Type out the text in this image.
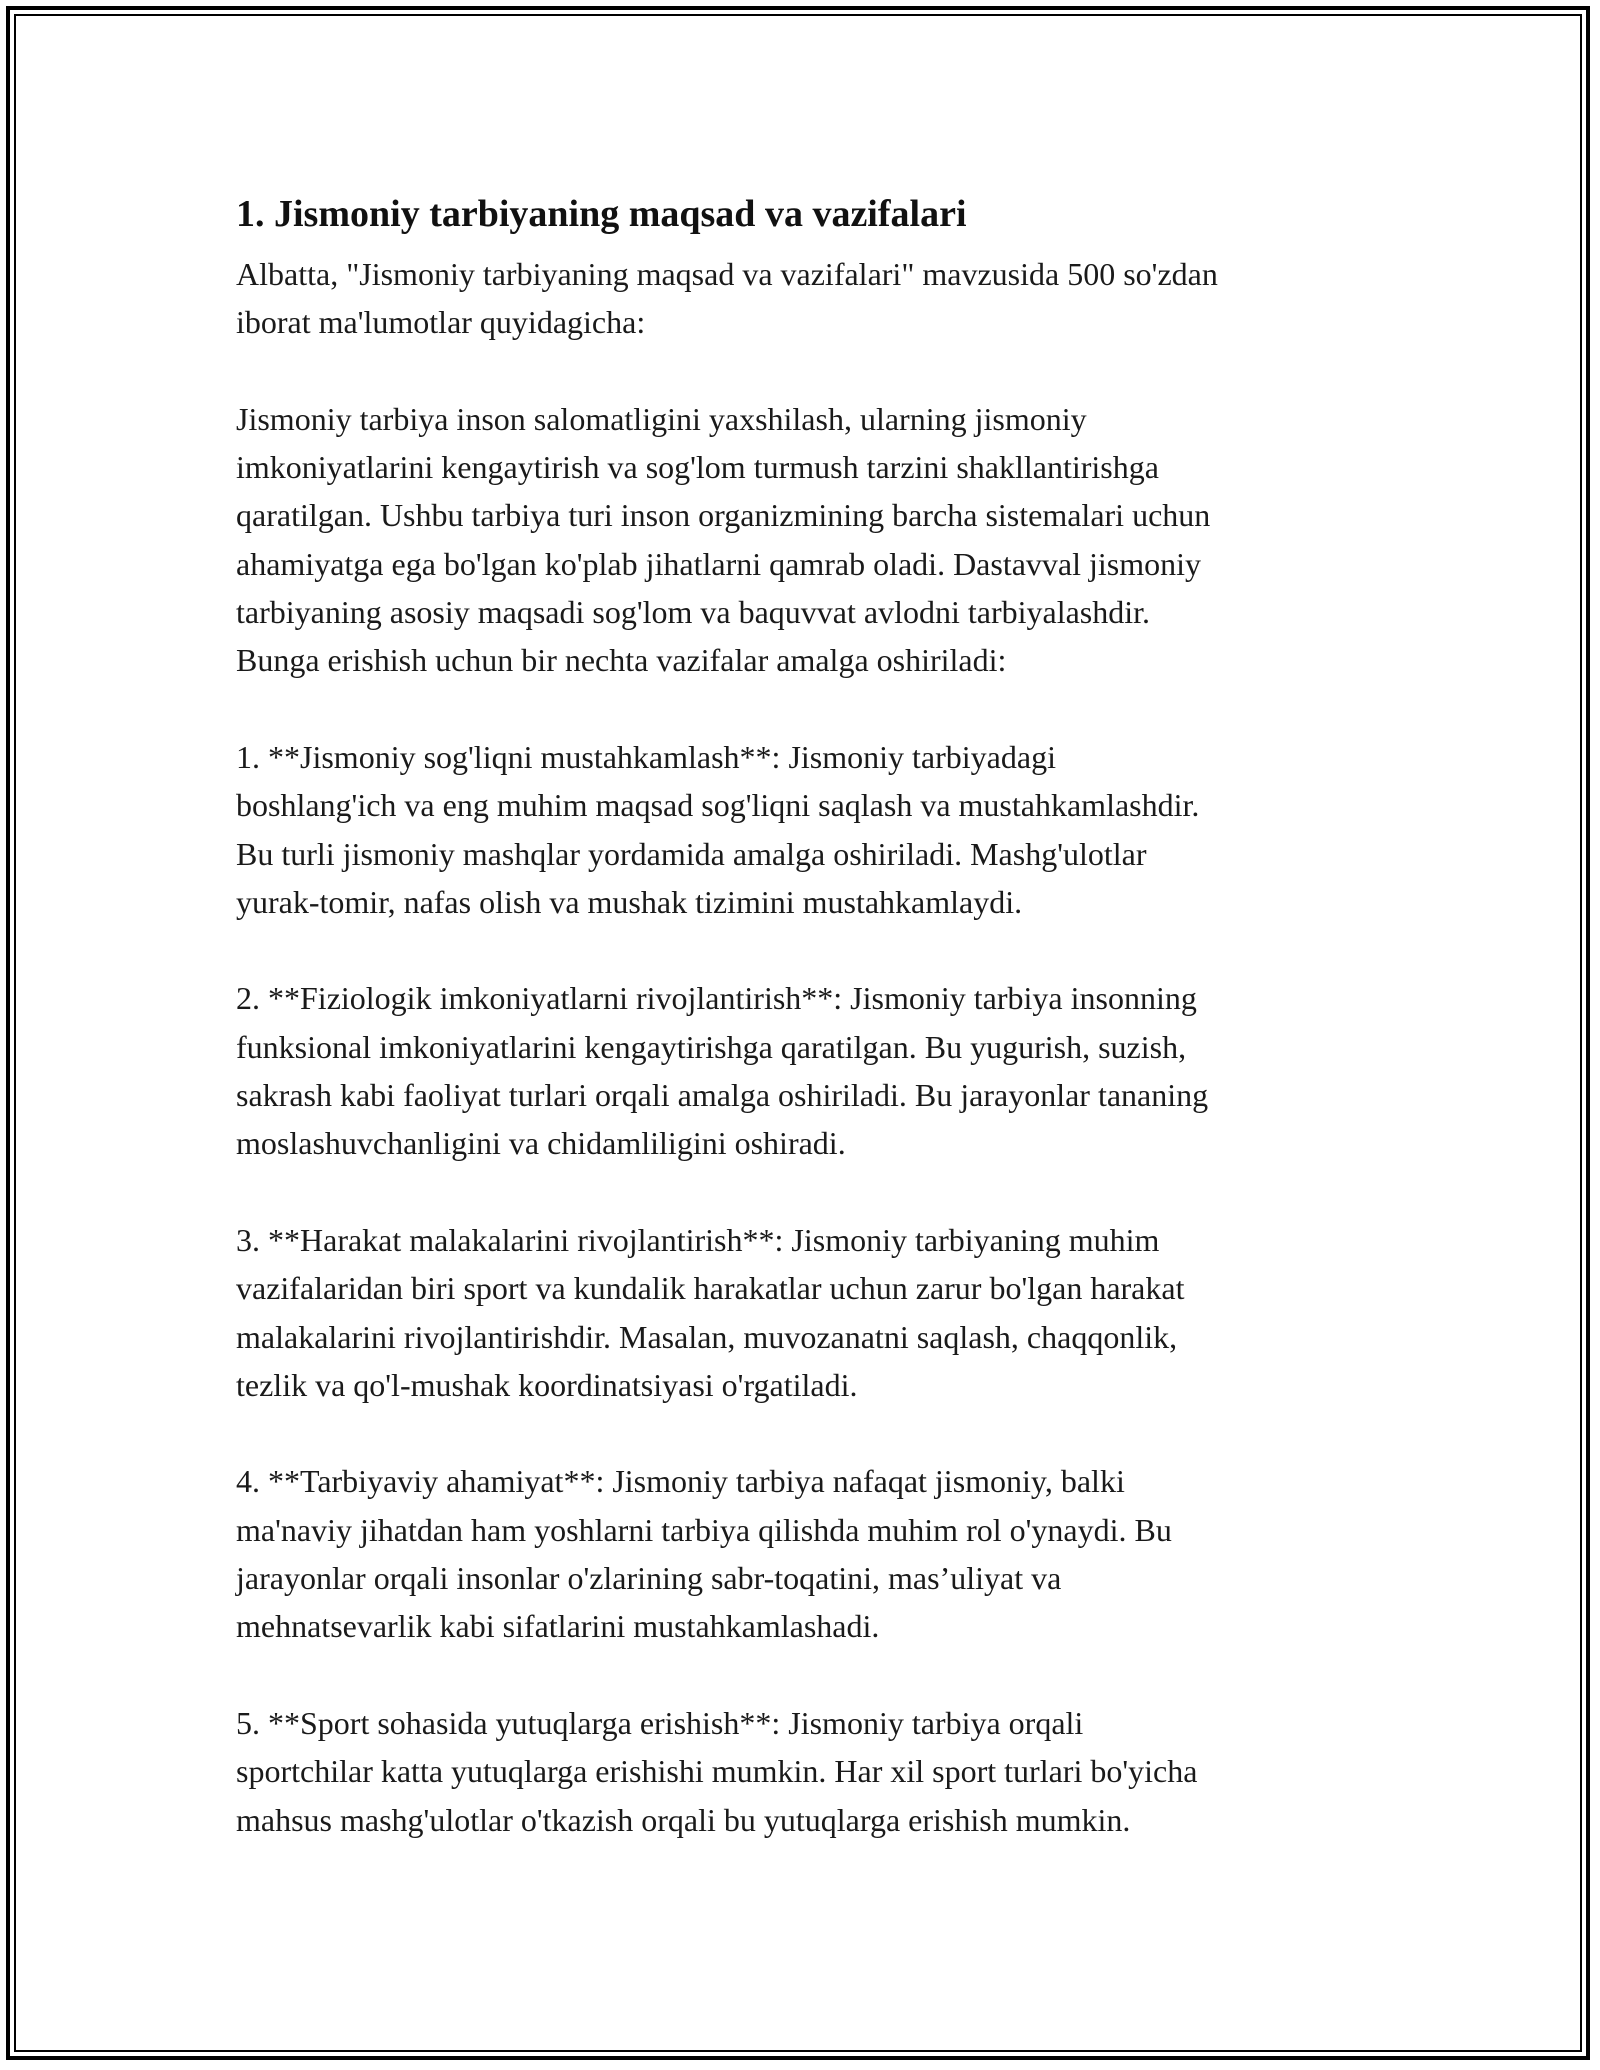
1. Jismoniy tarbiyaning maqsad va vazifalari

Albatta, "Jismoniy tarbiyaning maqsad va vazifalari" mavzusida 500 so'zdan
iborat ma'lumotlar quyidagicha:

Jismoniy tarbiya inson salomatligini yaxshilash, ularning jismoniy
imkoniyatlarini kengaytirish va sog'lom turmush tarzini shakllantirishga
qaratilgan. Ushbu tarbiya turi inson organizmining barcha sistemalari uchun
ahamiyatga ega bo'lgan ko'plab jihatlarni qamrab oladi. Dastavval jismoniy
tarbiyaning asosiy maqsadi sog'lom va baquvvat avlodni tarbiyalashdir.
Bunga erishish uchun bir nechta vazifalar amalga oshiriladi:

1. **Jismoniy sog'liqni mustahkamlash**: Jismoniy tarbiyadagi
boshlang'ich va eng muhim maqsad sog'liqni saqlash va mustahkamlashdir.
Bu turli jismoniy mashqlar yordamida amalga oshiriladi. Mashg'ulotlar
yurak-tomir, nafas olish va mushak tizimini mustahkamlaydi.

2. **Fiziologik imkoniyatlarni rivojlantirish**: Jismoniy tarbiya insonning
funksional imkoniyatlarini kengaytirishga qaratilgan. Bu yugurish, suzish,
sakrash kabi faoliyat turlari orqali amalga oshiriladi. Bu jarayonlar tananing
moslashuvchanligini va chidamliligini oshiradi.

3. **Harakat malakalarini rivojlantirish**: Jismoniy tarbiyaning muhim
vazifalaridan biri sport va kundalik harakatlar uchun zarur bo'lgan harakat
malakalarini rivojlantirishdir. Masalan, muvozanatni saqlash, chaqqonlik,
tezlik va qo'l-mushak koordinatsiyasi o'rgatiladi.

4. **Tarbiyaviy ahamiyat**: Jismoniy tarbiya nafaqat jismoniy, balki
ma'naviy jihatdan ham yoshlarni tarbiya qilishda muhim rol o'ynaydi. Bu
jarayonlar orqali insonlar o'zlarining sabr-toqatini, mas’uliyat va
mehnatsevarlik kabi sifatlarini mustahkamlashadi.

5. **Sport sohasida yutuqlarga erishish**: Jismoniy tarbiya orqali
sportchilar katta yutuqlarga erishishi mumkin. Har xil sport turlari bo'yicha
mahsus mashg'ulotlar o'tkazish orqali bu yutuqlarga erishish mumkin.
